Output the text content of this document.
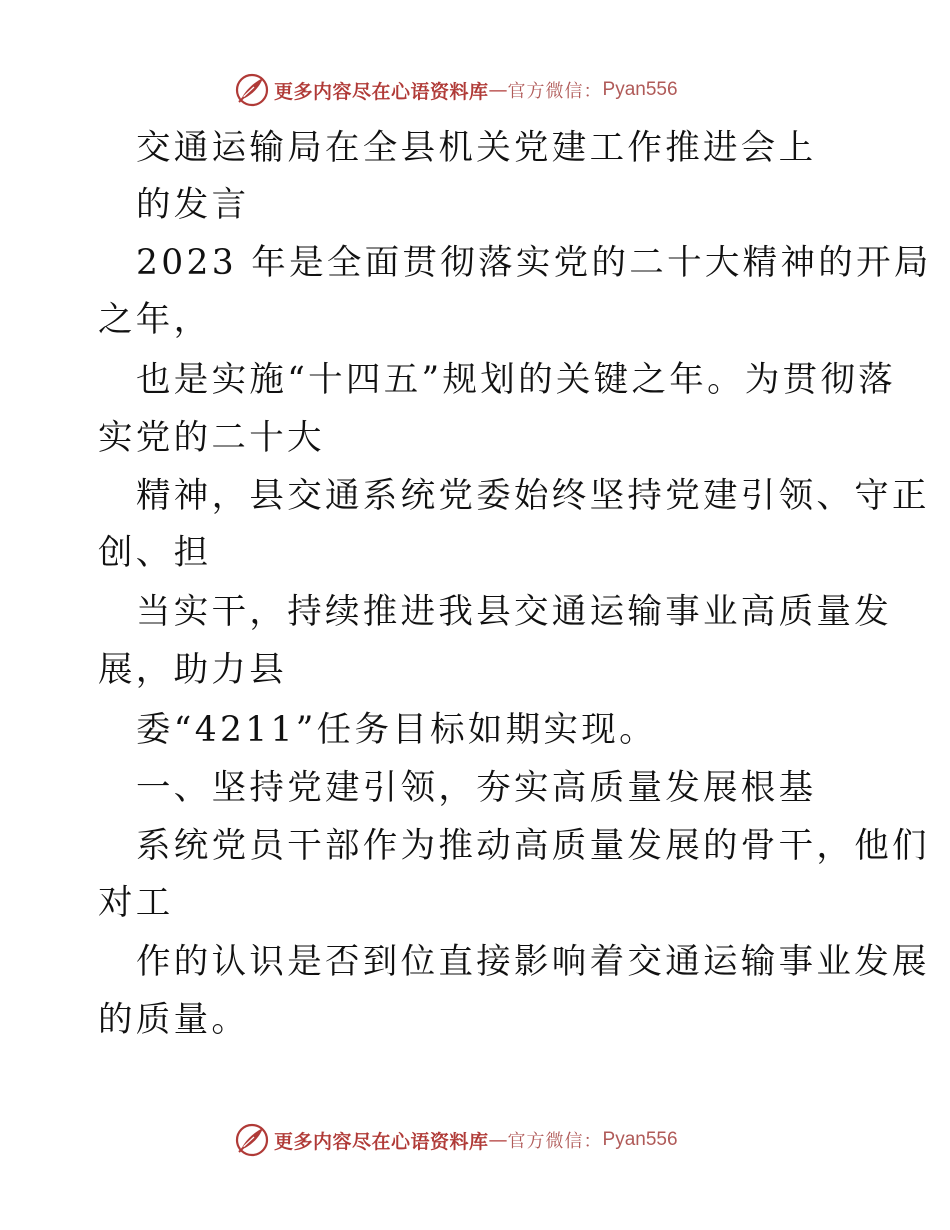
更多内容尽在心语资料库 — 官方微信： Pyan556
交通运输局在全县机关党建工作推进会上
的发言
2023 年是全面贯彻落实党的二十大精神的开局
之年，
也是实施“十四五”规划的关键之年。为贯彻落
实党的二十大
精神，县交通系统党委始终坚持党建引领、守正
创、担
当实干，持续推进我县交通运输事业高质量发
展，助力县
委“4211”任务目标如期实现。
一、坚持党建引领，夯实高质量发展根基
系统党员干部作为推动高质量发展的骨干，他们
对工
作的认识是否到位直接影响着交通运输事业发展
的质量。
更多内容尽在心语资料库 — 官方微信： Pyan556
